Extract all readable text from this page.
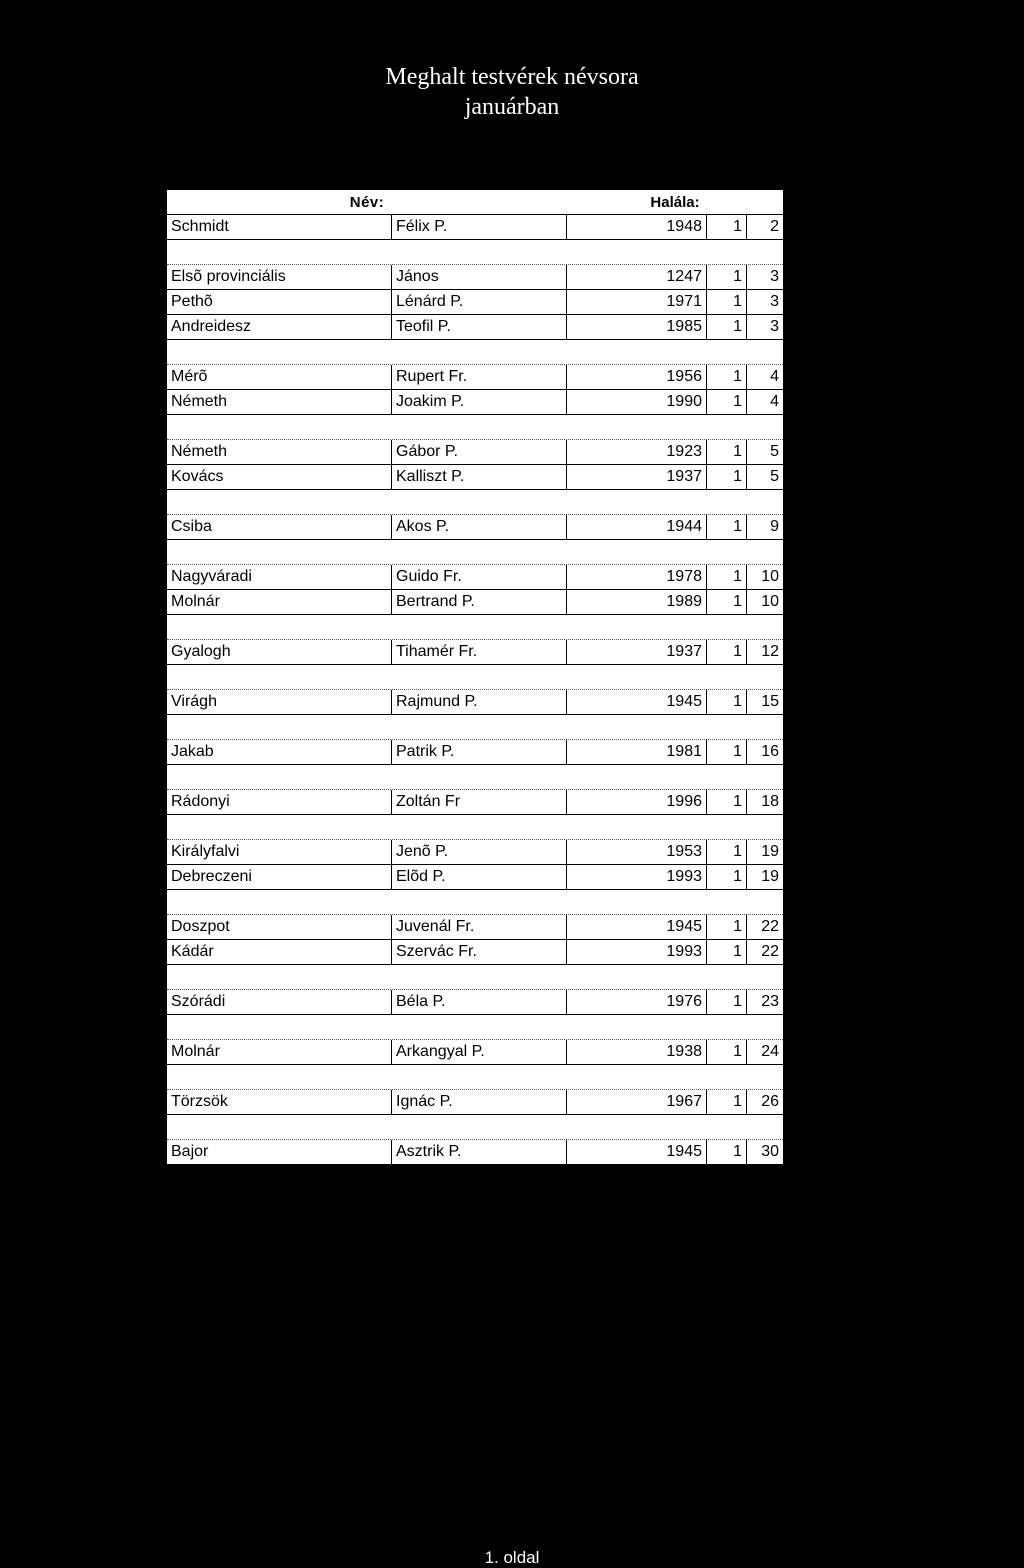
Meghalt testvérek névsora
januárban
Név:	Halála:
Schmidt	Félix P.	1948	1	2
Elsõ provinciális	János	1247	1	3
Pethõ	Lénárd P.	1971	1	3
Andreidesz	Teofil P.	1985	1	3
Mérõ	Rupert Fr.	1956	1	4
Németh	Joakim P.	1990	1	4
Németh	Gábor P.	1923	1	5
Kovács	Kalliszt P.	1937	1	5
Csiba	Akos P.	1944	1	9
Nagyváradi	Guido Fr.	1978	1	10
Molnár	Bertrand P.	1989	1	10
Gyalogh	Tihamér Fr.	1937	1	12
Virágh	Rajmund P.	1945	1	15
Jakab	Patrik P.	1981	1	16
Rádonyi	Zoltán Fr	1996	1	18
Királyfalvi	Jenõ P.	1953	1	19
Debreczeni	Elõd P.	1993	1	19
Doszpot	Juvenál Fr.	1945	1	22
Kádár	Szervác Fr.	1993	1	22
Szórádi	Béla P.	1976	1	23
Molnár	Arkangyal P.	1938	1	24
Törzsök	Ignác P.	1967	1	26
Bajor	Asztrik P.	1945	1	30
1. oldal
